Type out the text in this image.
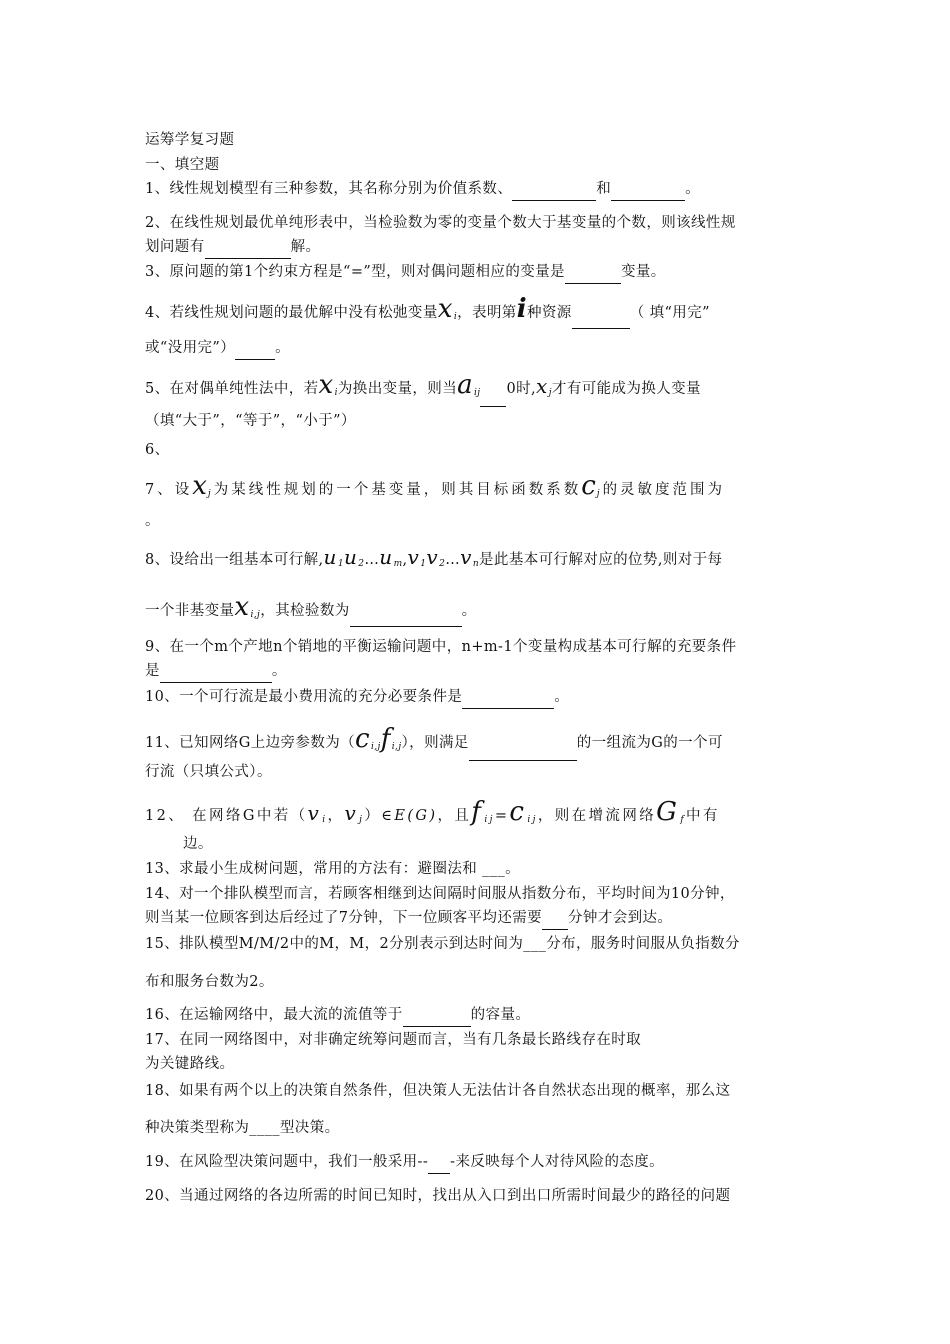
运筹学复习题
一、填空题
1、线性规划模型有三种参数，其名称分别为价值系数、	和	。
2、在线性规划最优单纯形表中，当检验数为零的变量个数大于基变量的个数，则该线性规
划问题有	解。
3、原问题的第1个约束方程是“=”型，则对偶问题相应的变量是	变量。
4、若线性规划问题的最优解中没有松弛变量$x_i$，表明第i种资源	（ 填“用完”
或“没用完”）	。
5、在对偶单纯性法中，若$x_i$为换出变量，则当$a_{ij}$ 0时$,x_j$才有可能成为换人变量
（填“大于”，“等于”，“小于”）
6、
7、设$x_j$为某线性规划的一个基变量，则其目标函数系数$c_j$的灵敏度范围为
。
8、设给出一组基本可行解$,u_1u_2\dots u_m,v_1v_2\dots v_n$是此基本可行解对应的位势,则对于每
一个非基变量$x_{i,j}$，其检验数为	。
9、在一个m个产地n个销地的平衡运输问题中，n+m-1个变量构成基本可行解的充要条件
是	。
10、一个可行流是最小费用流的充分必要条件是	。
11、已知网络G上边旁参数为$(c_{i,j}f_{i,j})$，则满足	的一组流为G的一个可
行流（只填公式）。
12、 在网络G中若（$v_i$，$v_j)\in E(G)$，且$f_{ij}=c_{ij}$，则在增流网络$G_f$中有
边。
13、求最小生成树问题，常用的方法有：避圈法和 ___。
14、对一个排队模型而言，若顾客相继到达间隔时间服从指数分布，平均时间为10分钟，
则当某一位顾客到达后经过了7分钟，下一位顾客平均还需要 分钟才会到达。
15、排队模型M/M/2中的M，M，2分别表示到达时间为___分布，服务时间服从负指数分
布和服务台数为2。
16、在运输网络中，最大流的流值等于	的容量。
17、在同一网络图中，对非确定统筹问题而言，当有几条最长路线存在时取
为关键路线。
18、如果有两个以上的决策自然条件，但决策人无法估计各自然状态出现的概率，那么这
种决策类型称为____型决策。
19、在风险型决策问题中，我们一般采用-- -来反映每个人对待风险的态度。
20、当通过网络的各边所需的时间已知时，找出从入口到出口所需时间最少的路径的问题
